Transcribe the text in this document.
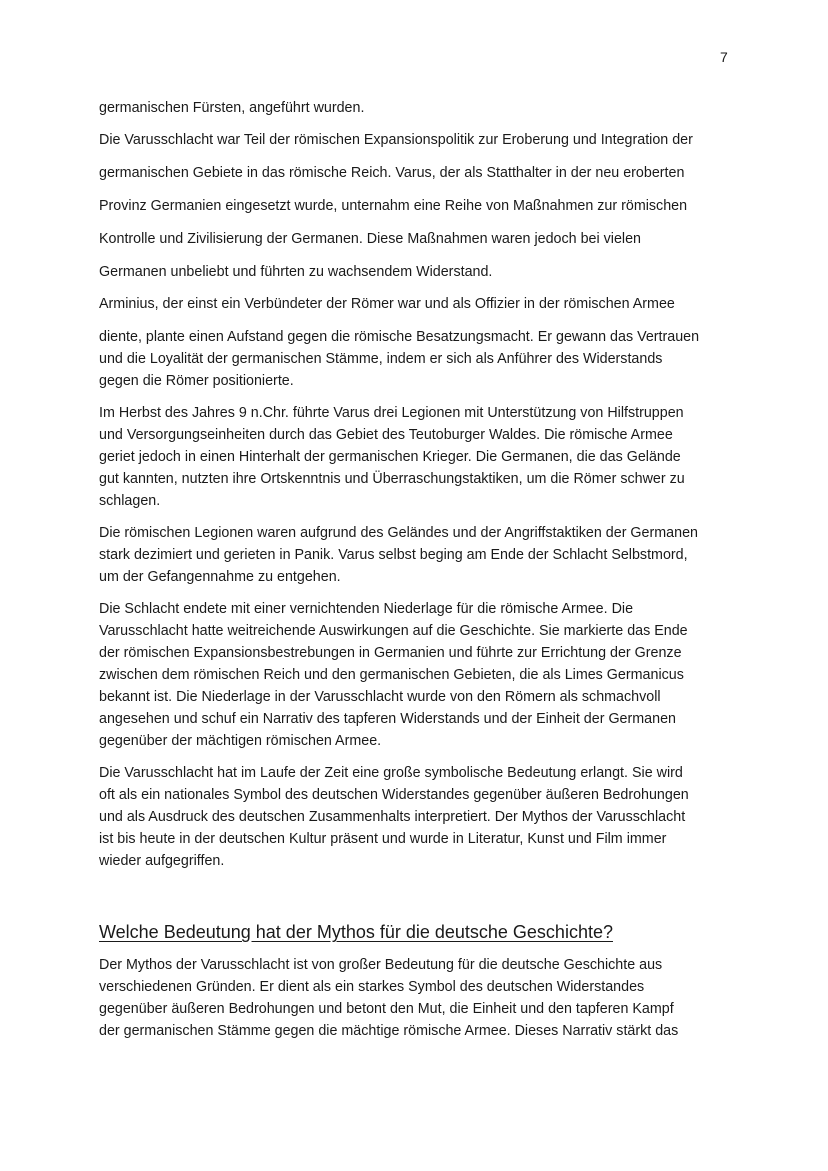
7
germanischen Fürsten, angeführt wurden.
Die Varusschlacht war Teil der römischen Expansionspolitik zur Eroberung und Integration der
germanischen Gebiete in das römische Reich. Varus, der als Statthalter in der neu eroberten
Provinz Germanien eingesetzt wurde, unternahm eine Reihe von Maßnahmen zur römischen
Kontrolle und Zivilisierung der Germanen. Diese Maßnahmen waren jedoch bei vielen
Germanen unbeliebt und führten zu wachsendem Widerstand.
Arminius, der einst ein Verbündeter der Römer war und als Offizier in der römischen Armee
diente, plante einen Aufstand gegen die römische Besatzungsmacht. Er gewann das Vertrauen
und die Loyalität der germanischen Stämme, indem er sich als Anführer des Widerstands
gegen die Römer positionierte.
Im Herbst des Jahres 9 n.Chr. führte Varus drei Legionen mit Unterstützung von Hilfstruppen
und Versorgungseinheiten durch das Gebiet des Teutoburger Waldes. Die römische Armee
geriet jedoch in einen Hinterhalt der germanischen Krieger. Die Germanen, die das Gelände
gut kannten, nutzten ihre Ortskenntnis und Überraschungstaktiken, um die Römer schwer zu
schlagen.
Die römischen Legionen waren aufgrund des Geländes und der Angriffstaktiken der Germanen
stark dezimiert und gerieten in Panik. Varus selbst beging am Ende der Schlacht Selbstmord,
um der Gefangennahme zu entgehen.
Die Schlacht endete mit einer vernichtenden Niederlage für die römische Armee. Die
Varusschlacht hatte weitreichende Auswirkungen auf die Geschichte. Sie markierte das Ende
der römischen Expansionsbestrebungen in Germanien und führte zur Errichtung der Grenze
zwischen dem römischen Reich und den germanischen Gebieten, die als Limes Germanicus
bekannt ist. Die Niederlage in der Varusschlacht wurde von den Römern als schmachvoll
angesehen und schuf ein Narrativ des tapferen Widerstands und der Einheit der Germanen
gegenüber der mächtigen römischen Armee.
Die Varusschlacht hat im Laufe der Zeit eine große symbolische Bedeutung erlangt. Sie wird
oft als ein nationales Symbol des deutschen Widerstandes gegenüber äußeren Bedrohungen
und als Ausdruck des deutschen Zusammenhalts interpretiert. Der Mythos der Varusschlacht
ist bis heute in der deutschen Kultur präsent und wurde in Literatur, Kunst und Film immer
wieder aufgegriffen.
Welche Bedeutung hat der Mythos für die deutsche Geschichte?
Der Mythos der Varusschlacht ist von großer Bedeutung für die deutsche Geschichte aus
verschiedenen Gründen. Er dient als ein starkes Symbol des deutschen Widerstandes
gegenüber äußeren Bedrohungen und betont den Mut, die Einheit und den tapferen Kampf
der germanischen Stämme gegen die mächtige römische Armee. Dieses Narrativ stärkt das
